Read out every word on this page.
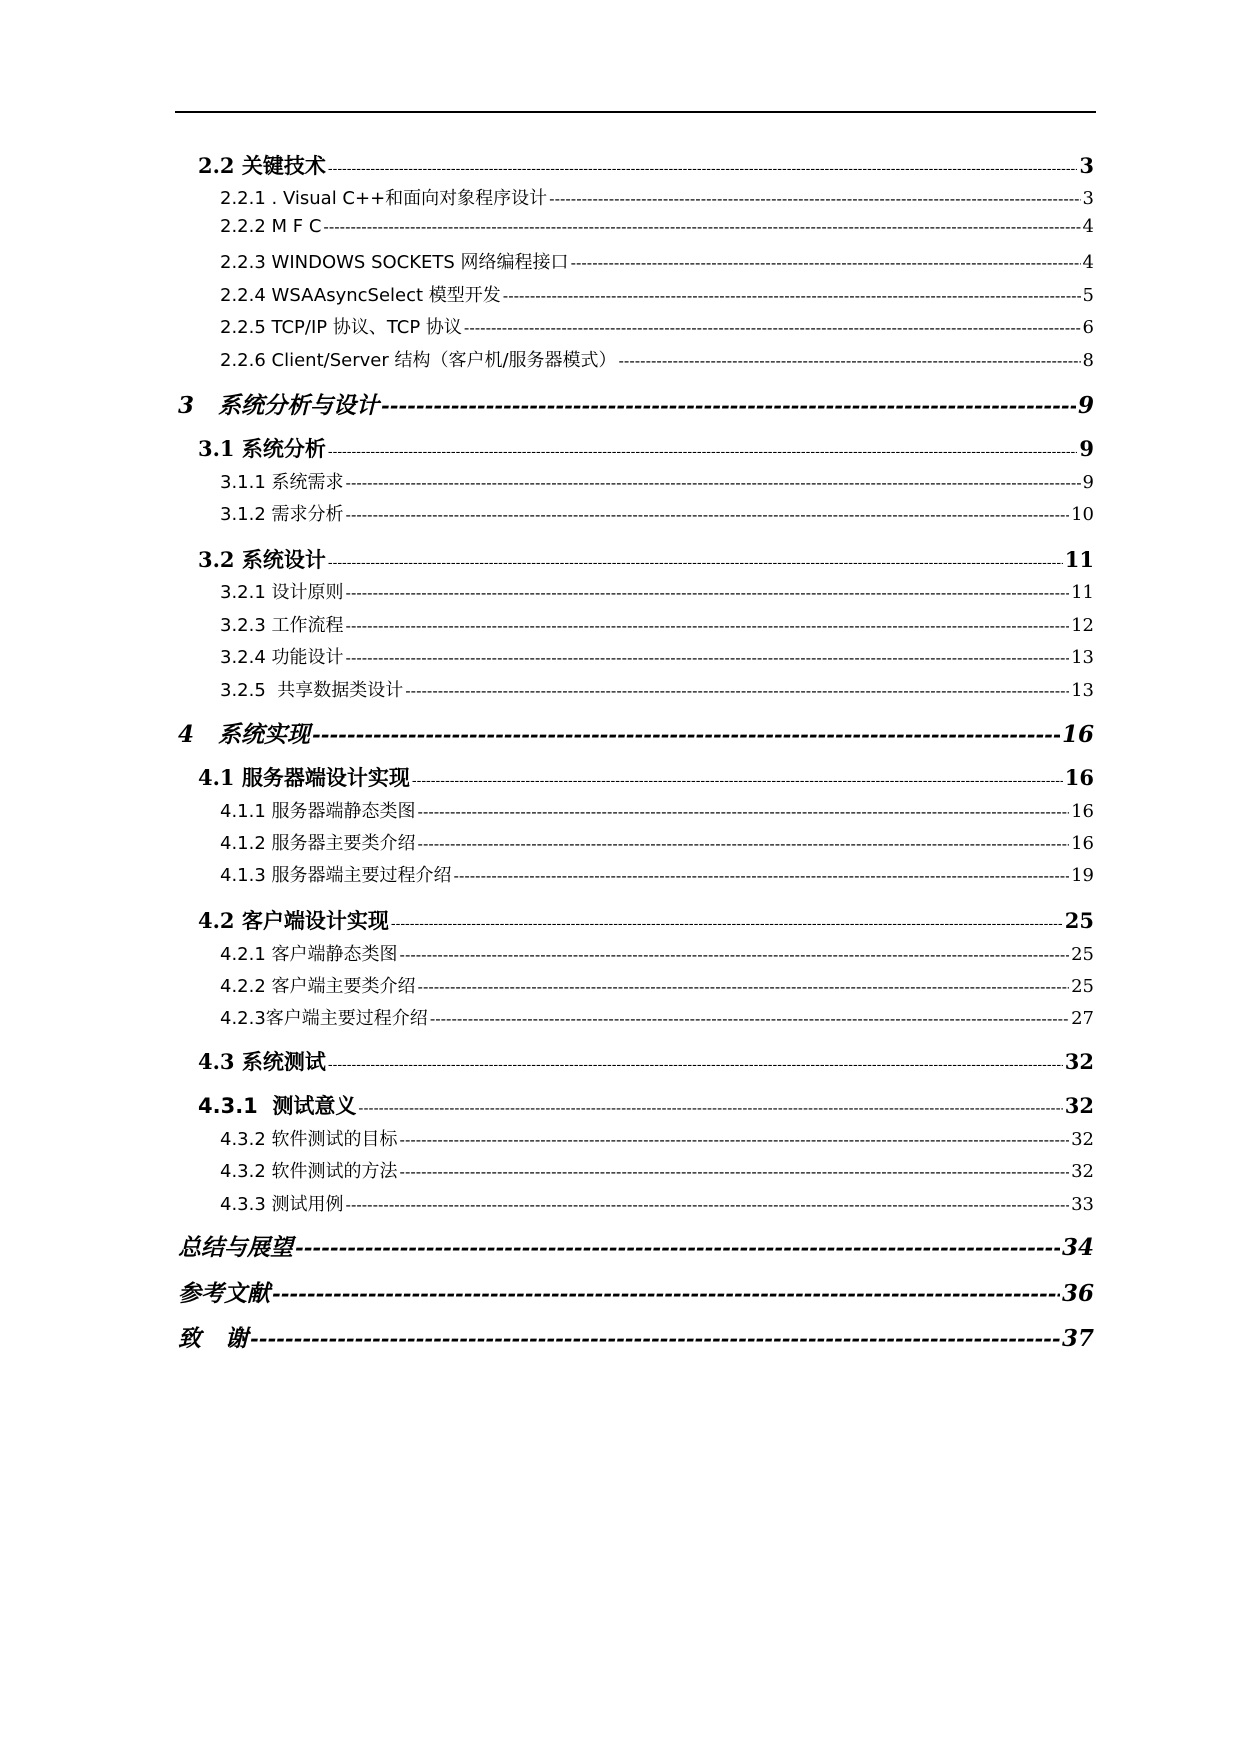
2.2 关键技术 -----	3
2.2.1 . Visual C++和面向对象程序设计 -----	3
2.2.2 M F C -----	4
2.2.3 WINDOWS SOCKETS 网络编程接口 -----	4
2.2.4 WSAAsyncSelect 模型开发 -----	5
2.2.5 TCP/IP 协议、TCP 协议 -----	6
2.2.6 Client/Server 结构（客户机/服务器模式） -----	8
3   系统分析与设计 -----	9
3.1 系统分析 -----	9
3.1.1 系统需求 -----	9
3.1.2 需求分析 -----	10
3.2 系统设计 -----	11
3.2.1 设计原则 -----	11
3.2.3 工作流程 -----	12
3.2.4 功能设计 -----	13
3.2.5  共享数据类设计 -----	13
4   系统实现 -----	16
4.1 服务器端设计实现 -----	16
4.1.1 服务器端静态类图 -----	16
4.1.2 服务器主要类介绍 -----	16
4.1.3 服务器端主要过程介绍 -----	19
4.2 客户端设计实现 -----	25
4.2.1 客户端静态类图 -----	25
4.2.2 客户端主要类介绍 -----	25
4.2.3客户端主要过程介绍 -----	27
4.3 系统测试 -----	32
4.3.1  测试意义 -----	32
4.3.2 软件测试的目标 -----	32
4.3.2 软件测试的方法 -----	32
4.3.3 测试用例 -----	33
总结与展望 -----	34
参考文献 -----	36
致   谢 -----	37
